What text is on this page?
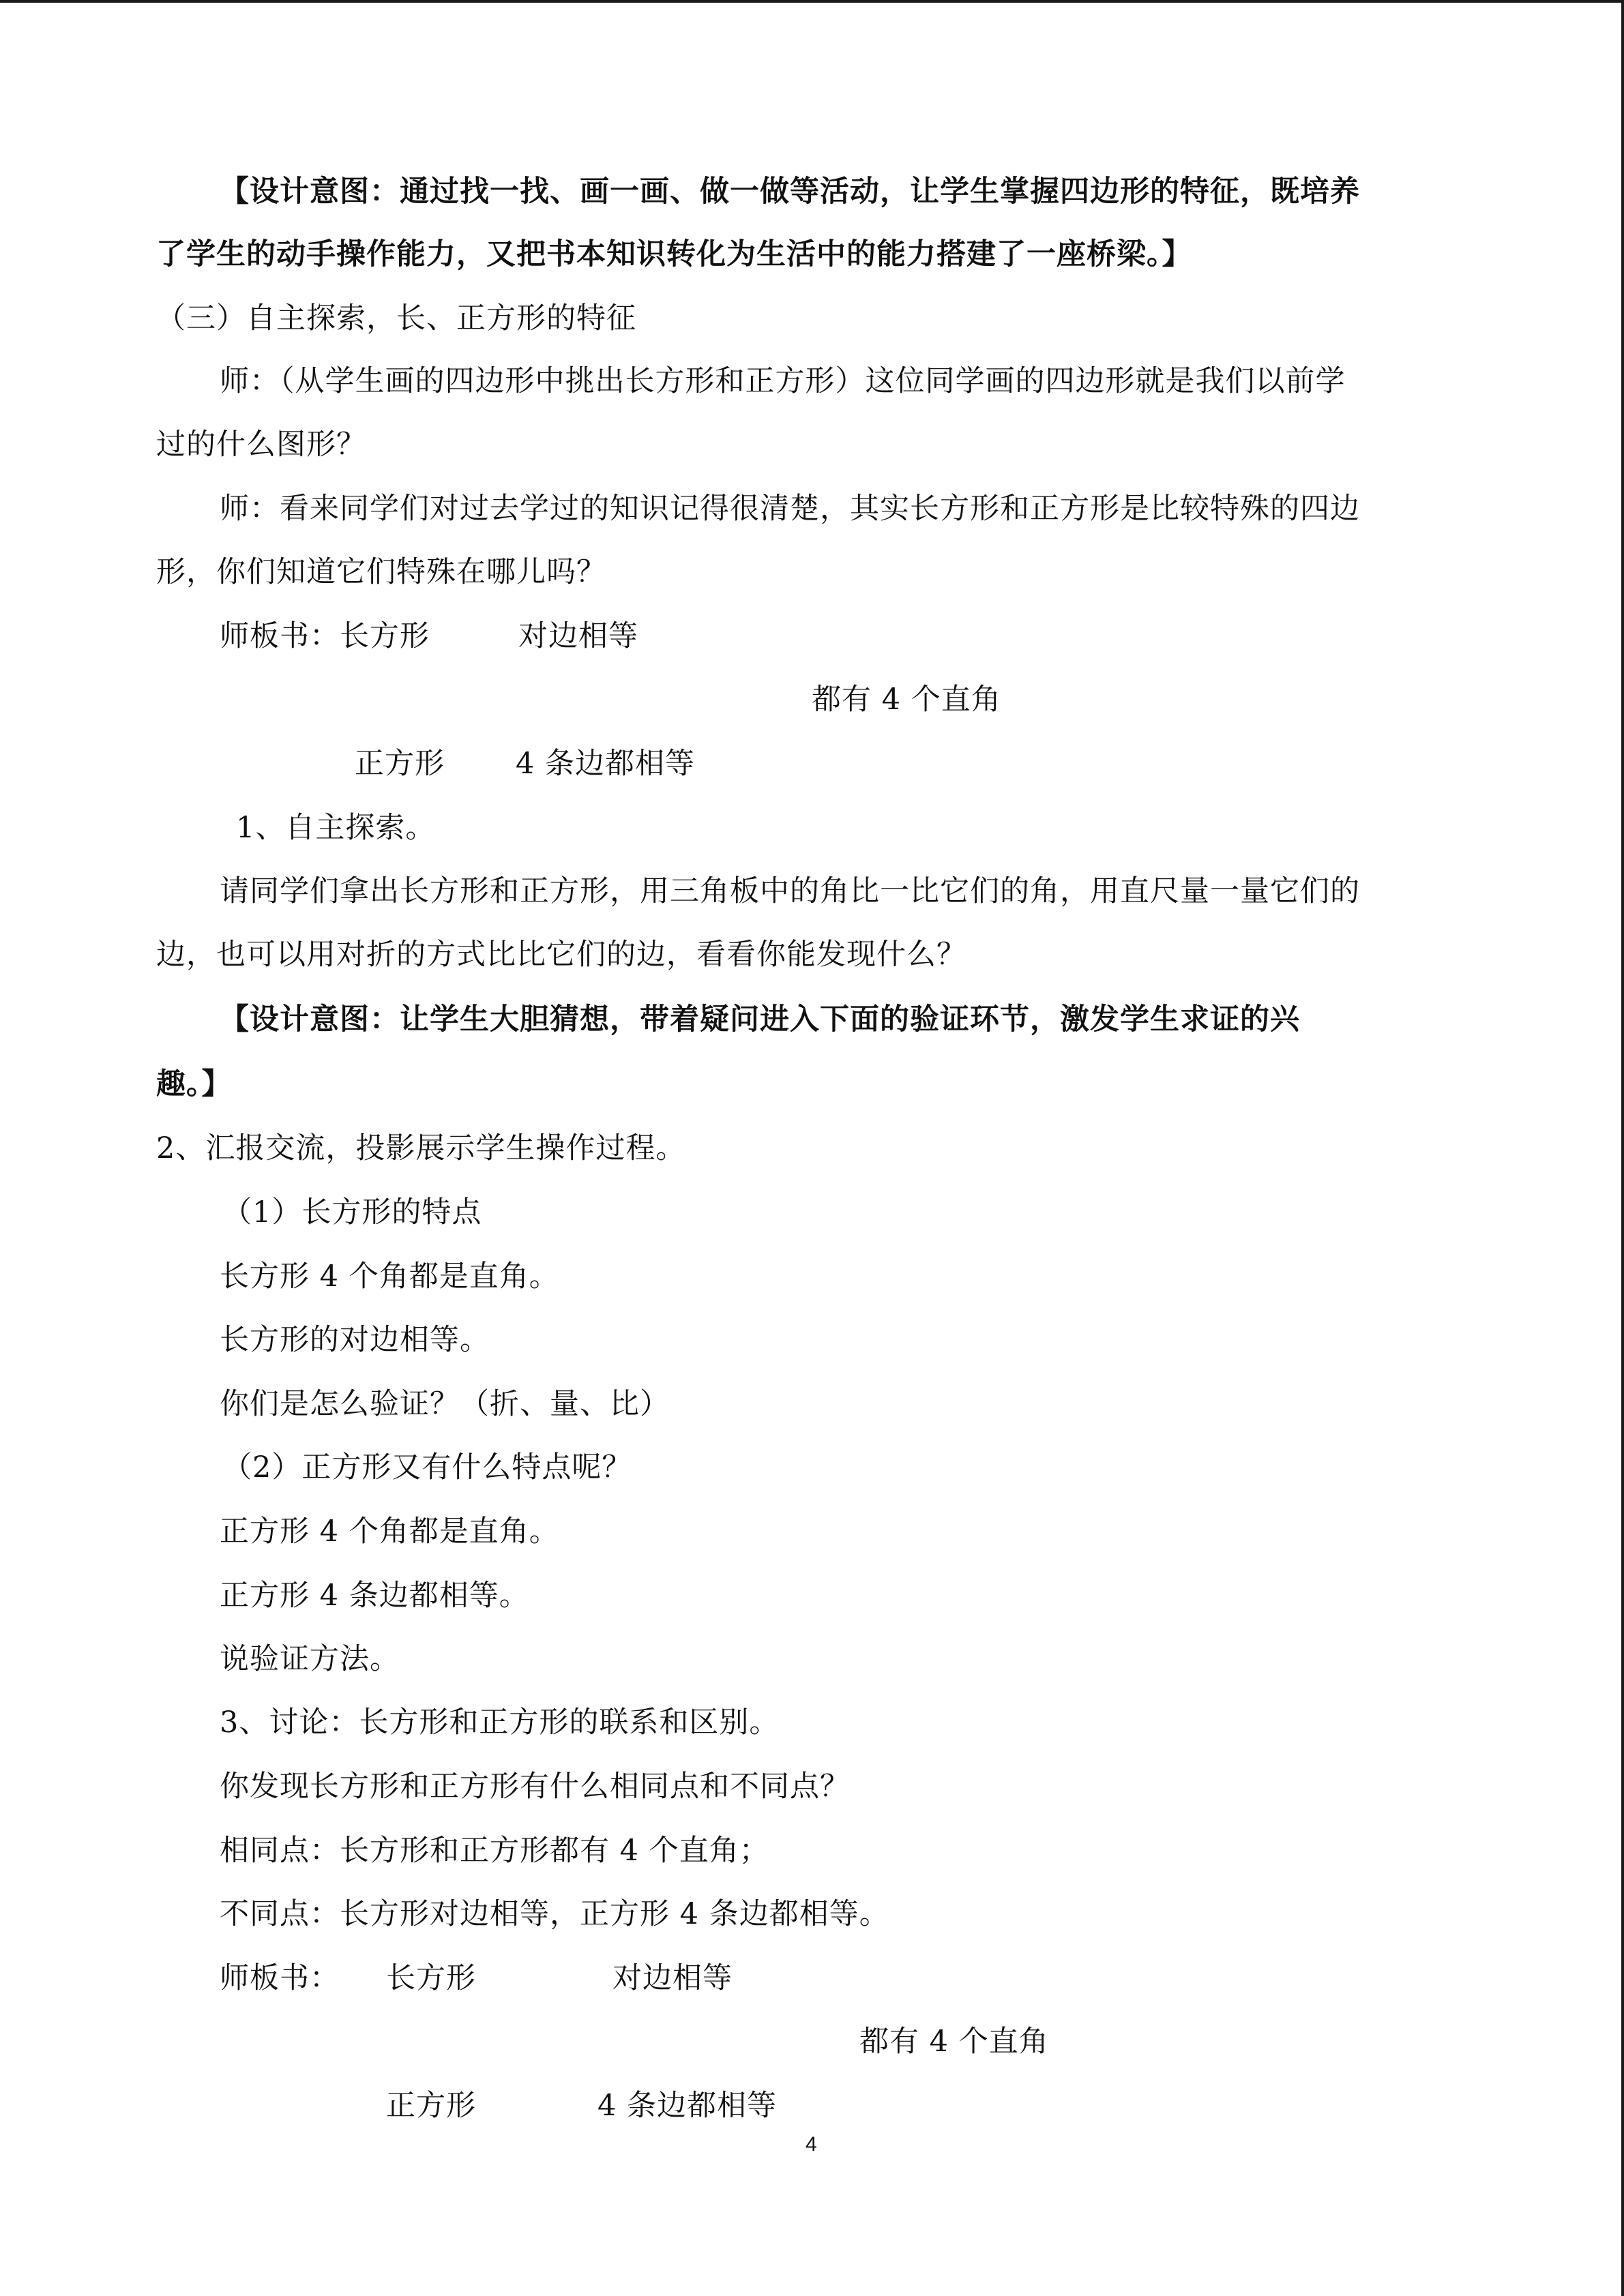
【设计意图：通过找一找、画一画、做一做等活动，让学生掌握四边形的特征，既培养
了学生的动手操作能力，又把书本知识转化为生活中的能力搭建了一座桥梁。】
（三）自主探索，长、正方形的特征
师：（从学生画的四边形中挑出长方形和正方形）这位同学画的四边形就是我们以前学
过的什么图形？
师：看来同学们对过去学过的知识记得很清楚，其实长方形和正方形是比较特殊的四边
形，你们知道它们特殊在哪儿吗？
师板书：长方形	对边相等
都有 4 个直角
正方形 4 条边都相等
1、自主探索。
请同学们拿出长方形和正方形，用三角板中的角比一比它们的角，用直尺量一量它们的
边，也可以用对折的方式比比它们的边，看看你能发现什么？
【设计意图：让学生大胆猜想，带着疑问进入下面的验证环节，激发学生求证的兴
趣。】
2、汇报交流，投影展示学生操作过程。
（1）长方形的特点
长方形 4 个角都是直角。
长方形的对边相等。
你们是怎么验证？（折、量、比）
（2）正方形又有什么特点呢？
正方形 4 个角都是直角。
正方形 4 条边都相等。
说验证方法。
3、讨论：长方形和正方形的联系和区别。
你发现长方形和正方形有什么相同点和不同点？
相同点：长方形和正方形都有 4 个直角；
不同点：长方形对边相等，正方形 4 条边都相等。
师板书： 长方形	对边相等
都有 4 个直角
正方形	4 条边都相等
4
